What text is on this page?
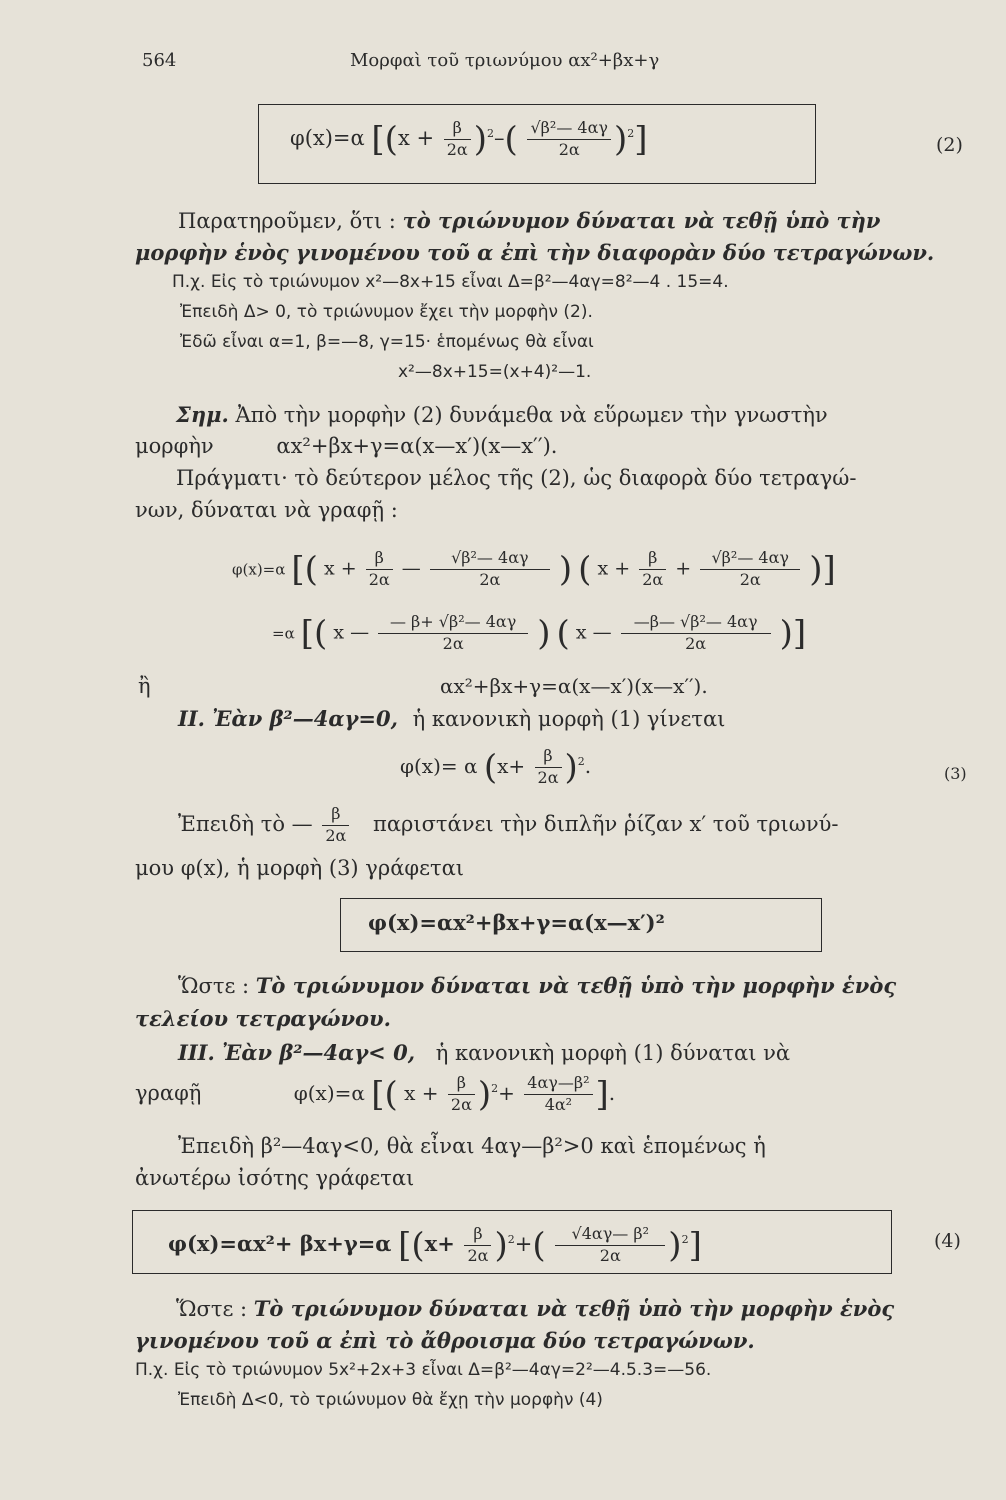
564	Μορφαὶ τοῦ τριωνύμου αx²+βx+γ
φ(x)=α $[(x + \frac{\beta}{2\alpha} )^2-( \frac{\text{√β²— 4αγ}}{2\alpha} )^2]$	(2)
Παρατηροῦμεν, ὅτι : τὸ τριώνυμον δύναται νὰ τεθῇ ὑπὸ τὴν
μορφὴν ἑνὸς γινομένου τοῦ α ἐπὶ τὴν διαφορὰν δύο τετραγώνων.
Π.χ. Εἰς τὸ τριώνυμον x²—8x+15 εἶναι Δ=β²—4αγ=8²—4 . 15=4.
Ἐπειδὴ Δ> 0, τὸ τριώνυμον ἔχει τὴν μορφὴν (2).
Ἐδῶ εἶναι α=1, β=—8, γ=15· ἑπομένως θὰ εἶναι
x²—8x+15=(x+4)²—1.
Σημ. Ἀπὸ τὴν μορφὴν (2) δυνάμεθα νὰ εὕρωμεν τὴν γνωστὴν
μορφὴν	αx²+βx+γ=α(x—x′)(x—x′′).
Πράγματι· τὸ δεύτερον μέλος τῆς (2), ὡς διαφορὰ δύο τετραγώ-
νων, δύναται νὰ γραφῇ :
φ(x)=α [( $x + \frac{\beta}{2\alpha}$ — $\frac{\text{√β²— 4αγ}}{2\alpha}$ ) ( $x + \frac{\beta}{2\alpha} + \frac{\text{√β²— 4αγ}}{2\alpha}$ )]
=α [( x — $\frac{\text{— β+ √β²— 4αγ}}{2\alpha}$ ) ( x — $\frac{\text{—β— √β²— 4αγ}}{2\alpha}$ )]
ἢ	αx²+βx+γ=α(x—x′)(x—x′′).
II. Ἐὰν β²—4αγ=0, ἡ κανονικὴ μορφὴ (1) γίνεται
φ(x)= α $(x+ \frac{\beta}{2\alpha} )^2$.	(3)
Ἐπειδὴ τὸ — $\frac{\beta}{2\alpha}$ παριστάνει τὴν διπλῆν ῥίζαν x′ τοῦ τριωνύ-
μου φ(x), ἡ μορφὴ (3) γράφεται
φ(x)=αx²+βx+γ=α(x—x′)²
Ὥστε : Τὸ τριώνυμον δύναται νὰ τεθῇ ὑπὸ τὴν μορφὴν ἑνὸς
τελείου τετραγώνου.
III. Ἐὰν β²—4αγ< 0, ἡ κανονικὴ μορφὴ (1) δύναται νὰ
γραφῇ	φ(x)=α [( $x + \frac{\beta}{2\alpha} )^2+ \frac{\text{4αγ—β²}}{\text{4α²}}$ ].
Ἐπειδὴ β²—4αγ<0, θὰ εἶναι 4αγ—β²>0 καὶ ἑπομένως ἡ
ἀνωτέρω ἰσότης γράφεται
φ(x)=αx²+ βx+γ=α $[(x+ \frac{\beta}{2\alpha} )^2+( \frac{\text{√4αγ— β²}}{2\alpha} )^2]$	(4)
Ὥστε : Τὸ τριώνυμον δύναται νὰ τεθῇ ὑπὸ τὴν μορφὴν ἑνὸς
γινομένου τοῦ α ἐπὶ τὸ ἄθροισμα δύο τετραγώνων.
Π.χ. Εἰς τὸ τριώνυμον 5x²+2x+3 εἶναι Δ=β²—4αγ=2²—4.5.3=—56.
Ἐπειδὴ Δ<0, τὸ τριώνυμον θὰ ἔχῃ τὴν μορφὴν (4)
